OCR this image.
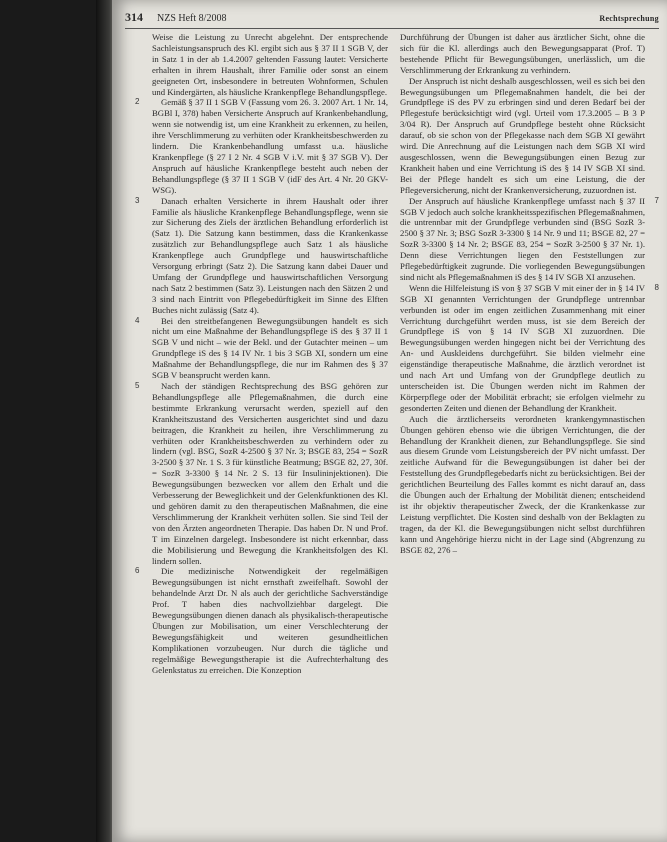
314 NZS Heft 8/2008	Rechtsprechung

Weise die Leistung zu Unrecht abgelehnt. Der entsprechende Sachleistungsanspruch des Kl. ergibt sich aus § 37 II 1 SGB V, der in Satz 1 in der ab 1.4.2007 geltenden Fassung lautet: Versicherte erhalten in ihrem Haushalt, ihrer Familie oder sonst an einem geeigneten Ort, insbesondere in betreuten Wohnformen, Schulen und Kindergärten, als häusliche Krankenpflege Behandlungspflege.

2	Gemäß § 37 II 1 SGB V (Fassung vom 26. 3. 2007 Art. 1 Nr. 14, BGBl I, 378) haben Versicherte Anspruch auf Krankenbehandlung, wenn sie notwendig ist, um eine Krankheit zu erkennen, zu heilen, ihre Verschlimmerung zu verhüten oder Krankheitsbeschwerden zu lindern. Die Krankenbehandlung umfasst u.a. häusliche Krankenpflege (§ 27 I 2 Nr. 4 SGB V i.V. mit § 37 SGB V). Der Anspruch auf häusliche Krankenpflege besteht auch neben der Behandlungspflege (§ 37 II 1 SGB V (idF des Art. 4 Nr. 20 GKV-WSG).

3	Danach erhalten Versicherte in ihrem Haushalt oder ihrer Familie als häusliche Krankenpflege Behandlungspflege, wenn sie zur Sicherung des Ziels der ärztlichen Behandlung erforderlich ist (Satz 1). Die Satzung kann bestimmen, dass die Krankenkasse zusätzlich zur Behandlungspflege auch Satz 1 als häusliche Krankenpflege auch Grundpflege und hauswirtschaftliche Versorgung erbringt (Satz 2). Die Satzung kann dabei Dauer und Umfang der Grundpflege und hauswirtschaftlichen Versorgung nach Satz 2 bestimmen (Satz 3). Leistungen nach den Sätzen 2 und 3 sind nach Eintritt von Pflegebedürftigkeit im Sinne des Elften Buches nicht zulässig (Satz 4).

4	Bei den streitbefangenen Bewegungsübungen handelt es sich nicht um eine Maßnahme der Behandlungspflege iS des § 37 II 1 SGB V und nicht – wie der Bekl. und der Gutachter meinen – um Grundpflege iS des § 14 IV Nr. 1 bis 3 SGB XI, sondern um eine Maßnahme der Behandlungspflege, die nur im Rahmen des § 37 SGB V beansprucht werden kann.

5	Nach der ständigen Rechtsprechung des BSG gehören zur Behandlungspflege alle Pflegemaßnahmen, die durch eine bestimmte Erkrankung verursacht werden, speziell auf den Krankheitszustand des Versicherten ausgerichtet sind und dazu beitragen, die Krankheit zu heilen, ihre Verschlimmerung zu verhüten oder Krankheitsbeschwerden zu verhindern oder zu lindern (vgl. BSG, SozR 4-2500 § 37 Nr. 3; BSGE 83, 254 = SozR 3-2500 § 37 Nr. 1 S. 3 für künstliche Beatmung; BSGE 82, 27, 30f. = SozR 3-3300 § 14 Nr. 2 S. 13 für Insulininjektionen). Die Bewegungsübungen bezwecken vor allem den Erhalt und die Verbesserung der Beweglichkeit und der Gelenkfunktionen des Kl. und gehören damit zu den therapeutischen Maßnahmen, die eine Verschlimmerung der Krankheit verhüten sollen. Sie sind Teil der von den Ärzten angeordneten Therapie. Das haben Dr. N und Prof. T im Einzelnen dargelegt. Insbesondere ist nicht erkennbar, dass die Mobilisierung und Bewegung die Krankheitsfolgen des Kl. lindern sollen.

6	Die medizinische Notwendigkeit der regelmäßigen Bewegungsübungen ist nicht ernsthaft zweifelhaft. Sowohl der behandelnde Arzt Dr. N als auch der gerichtliche Sachverständige Prof. T haben dies nachvollziehbar dargelegt. Die Bewegungsübungen dienen danach als physikalisch-therapeutische Übungen zur Mobilisation, um einer Verschlechterung der Bewegungsfähigkeit und weiteren gesundheitlichen Komplikationen vorzubeugen. Nur durch die tägliche und regelmäßige Bewegungstherapie ist die Aufrechterhaltung des Gelenkstatus zu erreichen. Die Konzeption

Durchführung der Übungen ist daher aus ärztlicher Sicht, ohne die sich für die Kl. allerdings auch den Bewegungsapparat (Prof. T) bestehende Pflicht für Bewegungsübungen, unerlässlich, um die Verschlimmerung der Erkrankung zu verhindern.

Der Anspruch ist nicht deshalb ausgeschlossen, weil es sich bei den Bewegungsübungen um Pflegemaßnahmen handelt, die bei der Grundpflege iS des PV zu erbringen sind und deren Bedarf bei der Pflegestufe berücksichtigt wird (vgl. Urteil vom 17.3.2005 – B 3 P 3/04 R). Der Anspruch auf Grundpflege besteht ohne Rücksicht darauf, ob sie schon von der Pflegekasse nach dem SGB XI gewährt wird. Die Anrechnung auf die Leistungen nach dem SGB XI wird ausgeschlossen, wenn die Bewegungsübungen einen Bezug zur Krankheit haben und eine Verrichtung iS des § 14 IV SGB XI sind. Bei der Pflege handelt es sich um eine Leistung, die der Pflegeversicherung, nicht der Krankenversicherung, zuzuordnen ist.

7

Der Anspruch auf häusliche Krankenpflege umfasst nach § 37 II SGB V jedoch auch solche krankheitsspezifischen Pflegemaßnahmen, die untrennbar mit der Grundpflege verbunden sind (BSG SozR 3-2500 § 37 Nr. 3; BSG SozR 3-3300 § 14 Nr. 9 und 11; BSGE 82, 27 = SozR 3-3300 § 14 Nr. 2; BSGE 83, 254 = SozR 3-2500 § 37 Nr. 1). Denn diese Verrichtungen liegen den Feststellungen zur Pflegebedürftigkeit zugrunde. Die vorliegenden Bewegungsübungen sind nicht als Pflegemaßnahmen iS des § 14 IV SGB XI anzusehen.

8

Wenn die Hilfeleistung iS von § 37 SGB V mit einer der in § 14 IV SGB XI genannten Verrichtungen der Grundpflege untrennbar verbunden ist oder im engen zeitlichen Zusammenhang mit einer Verrichtung durchgeführt werden muss, ist sie dem Bereich der Grundpflege iS von § 14 IV SGB XI zuzuordnen. Die Bewegungsübungen werden hingegen nicht bei der Verrichtung des An- und Auskleidens durchgeführt. Sie bilden vielmehr eine eigenständige therapeutische Maßnahme, die ärztlich verordnet ist und nach Art und Umfang von der Grundpflege deutlich zu unterscheiden ist. Die Übungen werden nicht im Rahmen der Körperpflege oder der Mobilität erbracht; sie erfolgen vielmehr zu gesonderten Zeiten und dienen der Behandlung der Krankheit.

Auch die ärztlicherseits verordneten krankengymnastischen Übungen gehören ebenso wie die übrigen Verrichtungen, die der Behandlung der Krankheit dienen, zur Behandlungspflege. Sie sind aus diesem Grunde vom Leistungsbereich der PV nicht umfasst. Der zeitliche Aufwand für die Bewegungsübungen ist daher bei der Feststellung des Grundpflegebedarfs nicht zu berücksichtigen. Bei der gerichtlichen Beurteilung des Falles kommt es nicht darauf an, dass die Übungen auch der Erhaltung der Mobilität dienen; entscheidend ist ihr objektiv therapeutischer Zweck, der die Krankenkasse zur Leistung verpflichtet. Die Kosten sind deshalb von der Beklagten zu tragen, da der Kl. die Bewegungsübungen nicht selbst durchführen kann und Angehörige hierzu nicht in der Lage sind (Abgrenzung zu BSGE 82, 276 –
